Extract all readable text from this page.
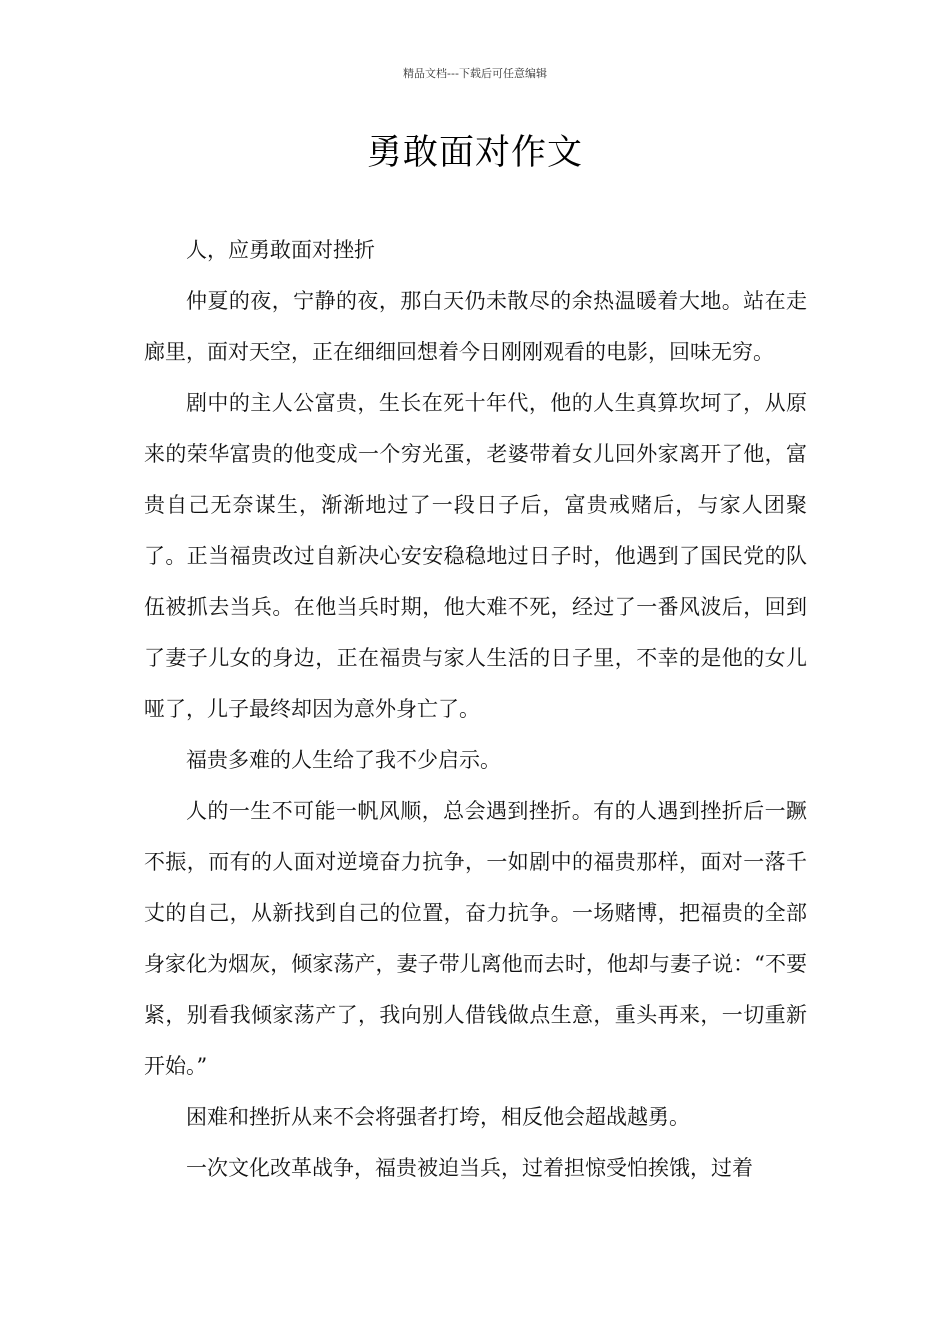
精品文档---下载后可任意编辑
勇敢面对作文

人，应勇敢面对挫折

仲夏的夜，宁静的夜，那白天仍未散尽的余热温暖着大地。站在走廊里，面对天空，正在细细回想着今日刚刚观看的电影，回味无穷。

剧中的主人公富贵，生长在死十年代，他的人生真算坎坷了，从原来的荣华富贵的他变成一个穷光蛋，老婆带着女儿回外家离开了他，富贵自己无奈谋生，渐渐地过了一段日子后，富贵戒赌后，与家人团聚了。正当福贵改过自新决心安安稳稳地过日子时，他遇到了国民党的队伍被抓去当兵。在他当兵时期，他大难不死，经过了一番风波后，回到了妻子儿女的身边，正在福贵与家人生活的日子里，不幸的是他的女儿哑了，儿子最终却因为意外身亡了。

福贵多难的人生给了我不少启示。

人的一生不可能一帆风顺，总会遇到挫折。有的人遇到挫折后一蹶不振，而有的人面对逆境奋力抗争，一如剧中的福贵那样，面对一落千丈的自己，从新找到自己的位置，奋力抗争。一场赌博，把福贵的全部身家化为烟灰，倾家荡产，妻子带儿离他而去时，他却与妻子说：“不要紧，别看我倾家荡产了，我向别人借钱做点生意，重头再来，一切重新开始。”

困难和挫折从来不会将强者打垮，相反他会超战越勇。

一次文化改革战争，福贵被迫当兵，过着担惊受怕挨饿，过着
